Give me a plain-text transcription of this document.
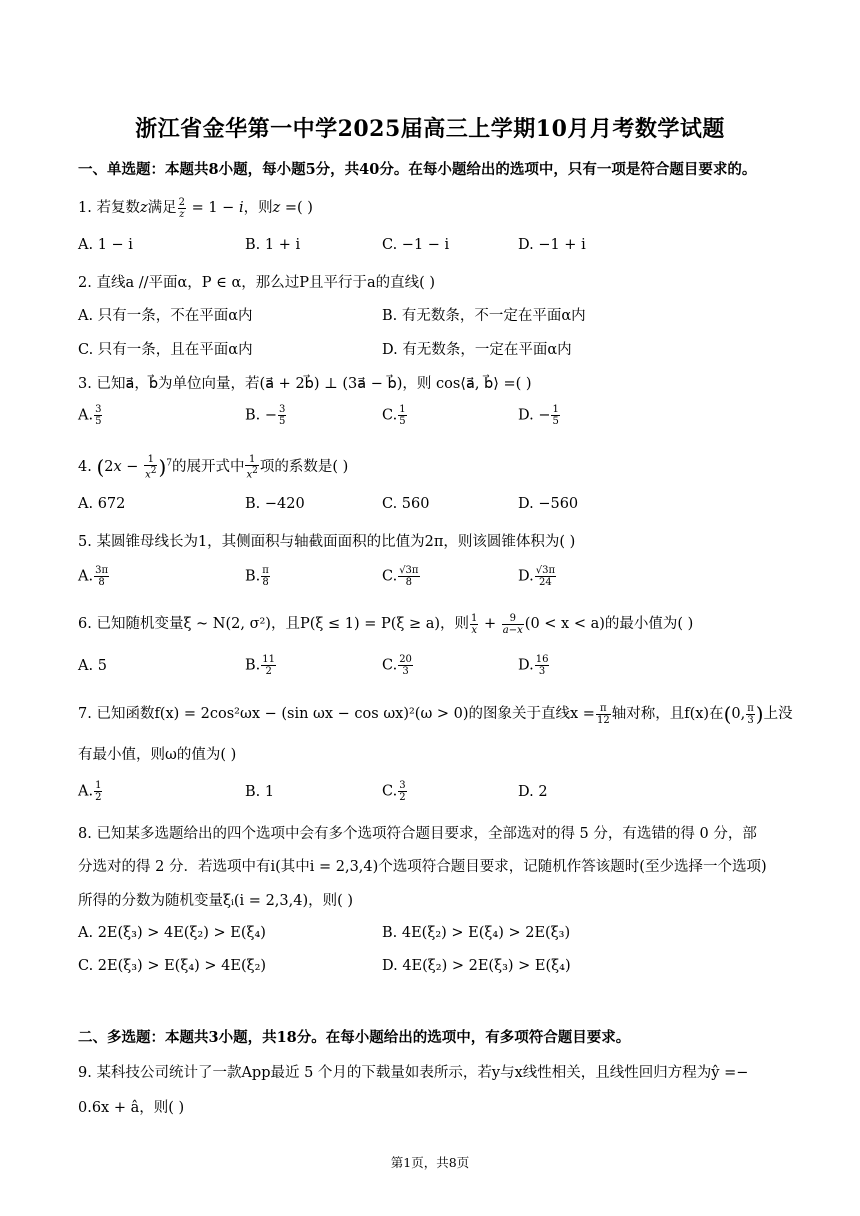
浙江省金华第一中学2025届高三上学期10月月考数学试题
一、单选题：本题共8小题，每小题5分，共40分。在每小题给出的选项中，只有一项是符合题目要求的。
1. 若复数z满足 $\frac{2}{z} = 1 - i$，则z =( )
A. 1 − i	B. 1 + i	C. −1 − i	D. −1 + i
2. 直线a //平面α，P ∈ α，那么过P且平行于a的直线( )
A. 只有一条，不在平面α内	B. 有无数条，不一定在平面α内
C. 只有一条，且在平面α内	D. 有无数条，一定在平面α内
3. 已知a⃗，b⃗为单位向量，若(a⃗ + 2b⃗) ⊥ (3a⃗ − b⃗)，则 cos⟨a⃗, b⃗⟩ =( )
A. $\frac{3}{5}$	B. − $\frac{3}{5}$	C. $\frac{1}{5}$	D. − $\frac{1}{5}$
4. $(2x - \frac{1}{x^2} )^7$的展开式中 $\frac{1}{x^2}$ 项的系数是( )
A. 672	B. −420	C. 560	D. −560
5. 某圆锥母线长为1，其侧面积与轴截面面积的比值为2π，则该圆锥体积为( )
A. $\frac{3\pi}{8}$	B. $\frac{\pi}{8}$	C. $\frac{√3\pi}{8}$	D. $\frac{√3\pi}{24}$
6. 已知随机变量ξ ~ N(2, σ²)，且P(ξ ≤ 1) = P(ξ ≥ a)，则 $\frac{1}{x} + \frac{9}{a-x} (0 < x < a)$的最小值为( )
A. 5	B. $\frac{11}{2}$	C. $\frac{20}{3}$	D. $\frac{16}{3}$
7. 已知函数f(x) = 2cos²ωx − (sin ωx − cos ωx)²(ω > 0)的图象关于直线$x = \frac{\pi}{12}$ 轴对称，且f(x)在(0, $\frac{\pi}{3}$ )上没
有最小值，则ω的值为( )
A. $\frac{1}{2}$	B. 1	C. $\frac{3}{2}$	D. 2
8. 已知某多选题给出的四个选项中会有多个选项符合题目要求，全部选对的得 5 分，有选错的得 0 分，部
分选对的得 2 分．若选项中有i(其中i = 2,3,4)个选项符合题目要求，记随机作答该题时(至少选择一个选项)
所得的分数为随机变量ξᵢ(i = 2,3,4)，则( )
A. 2E(ξ₃) > 4E(ξ₂) > E(ξ₄)	B. 4E(ξ₂) > E(ξ₄) > 2E(ξ₃)
C. 2E(ξ₃) > E(ξ₄) > 4E(ξ₂)	D. 4E(ξ₂) > 2E(ξ₃) > E(ξ₄)
二、多选题：本题共3小题，共18分。在每小题给出的选项中，有多项符合题目要求。
9. 某科技公司统计了一款App最近 5 个月的下载量如表所示，若y与x线性相关，且线性回归方程为ŷ =−
0.6x + â，则( )
第1页，共8页
